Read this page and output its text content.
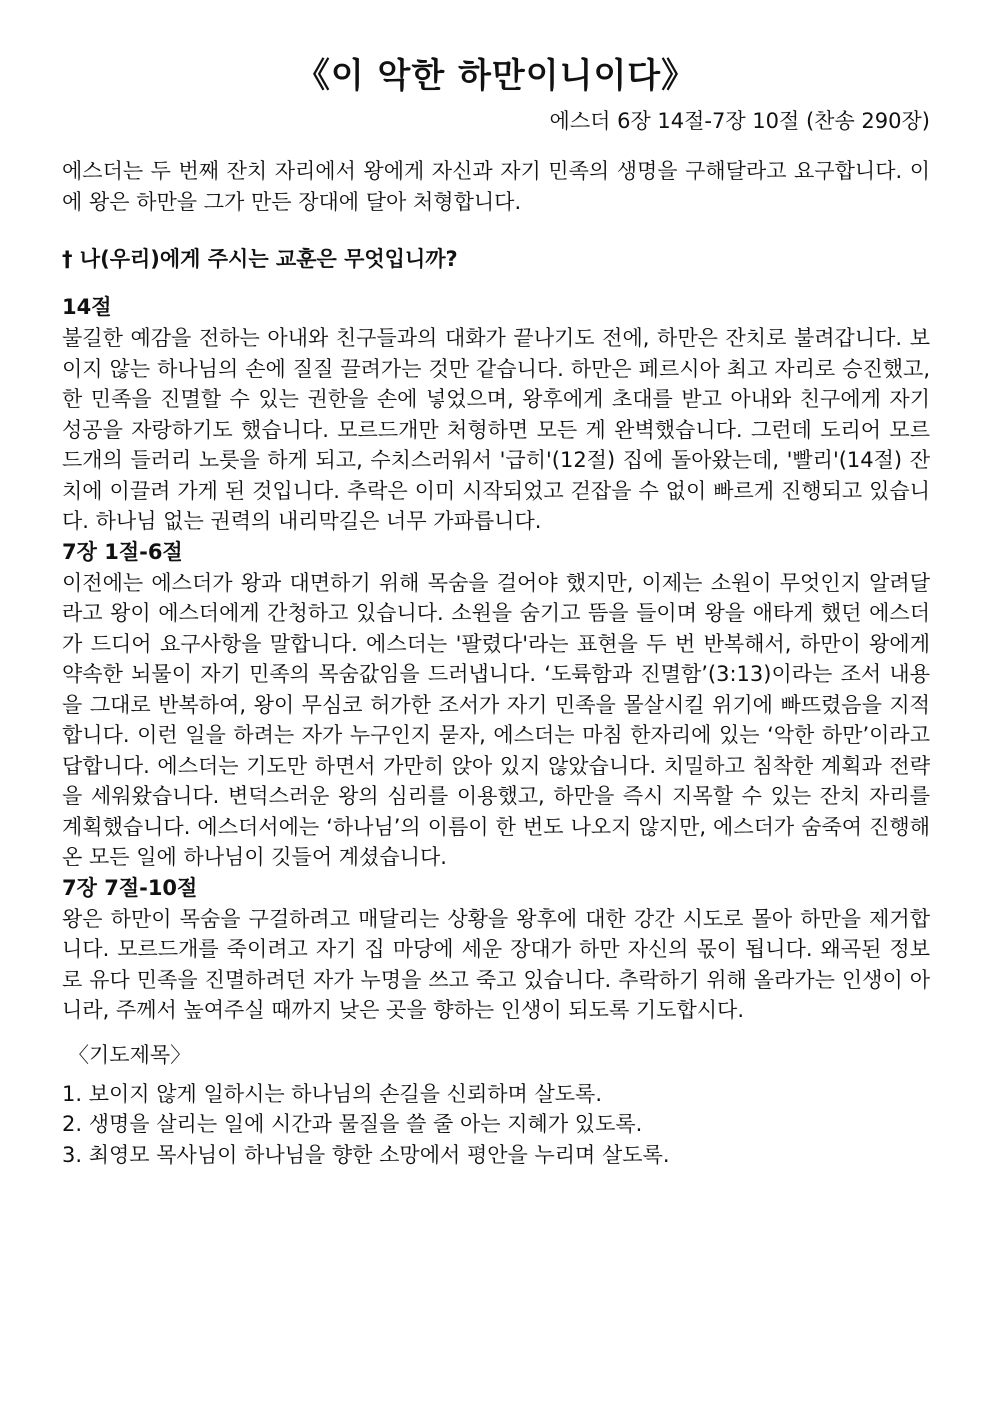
《이 악한 하만이니이다》
에스더 6장 14절-7장 10절 (찬송 290장)
에스더는 두 번째 잔치 자리에서 왕에게 자신과 자기 민족의 생명을 구해달라고 요구합니다. 이에 왕은 하만을 그가 만든 장대에 달아 처형합니다.
† 나(우리)에게 주시는 교훈은 무엇입니까?
14절
불길한 예감을 전하는 아내와 친구들과의 대화가 끝나기도 전에, 하만은 잔치로 불려갑니다. 보이지 않는 하나님의 손에 질질 끌려가는 것만 같습니다. 하만은 페르시아 최고 자리로 승진했고, 한 민족을 진멸할 수 있는 권한을 손에 넣었으며, 왕후에게 초대를 받고 아내와 친구에게 자기 성공을 자랑하기도 했습니다. 모르드개만 처형하면 모든 게 완벽했습니다. 그런데 도리어 모르드개의 들러리 노릇을 하게 되고, 수치스러워서 '급히'(12절) 집에 돌아왔는데, '빨리'(14절) 잔치에 이끌려 가게 된 것입니다. 추락은 이미 시작되었고 걷잡을 수 없이 빠르게 진행되고 있습니다. 하나님 없는 권력의 내리막길은 너무 가파릅니다.
7장 1절-6절
이전에는 에스더가 왕과 대면하기 위해 목숨을 걸어야 했지만, 이제는 소원이 무엇인지 알려달라고 왕이 에스더에게 간청하고 있습니다. 소원을 숨기고 뜸을 들이며 왕을 애타게 했던 에스더가 드디어 요구사항을 말합니다. 에스더는 '팔렸다'라는 표현을 두 번 반복해서, 하만이 왕에게 약속한 뇌물이 자기 민족의 목숨값임을 드러냅니다. ‘도륙함과 진멸함’(3:13)이라는 조서 내용을 그대로 반복하여, 왕이 무심코 허가한 조서가 자기 민족을 몰살시킬 위기에 빠뜨렸음을 지적합니다. 이런 일을 하려는 자가 누구인지 묻자, 에스더는 마침 한자리에 있는 ‘악한 하만’이라고 답합니다. 에스더는 기도만 하면서 가만히 앉아 있지 않았습니다. 치밀하고 침착한 계획과 전략을 세워왔습니다. 변덕스러운 왕의 심리를 이용했고, 하만을 즉시 지목할 수 있는 잔치 자리를 계획했습니다. 에스더서에는 ‘하나님’의 이름이 한 번도 나오지 않지만, 에스더가 숨죽여 진행해 온 모든 일에 하나님이 깃들어 계셨습니다.
7장 7절-10절
왕은 하만이 목숨을 구걸하려고 매달리는 상황을 왕후에 대한 강간 시도로 몰아 하만을 제거합니다. 모르드개를 죽이려고 자기 집 마당에 세운 장대가 하만 자신의 몫이 됩니다. 왜곡된 정보로 유다 민족을 진멸하려던 자가 누명을 쓰고 죽고 있습니다. 추락하기 위해 올라가는 인생이 아니라, 주께서 높여주실 때까지 낮은 곳을 향하는 인생이 되도록 기도합시다.
〈기도제목〉
1. 보이지 않게 일하시는 하나님의 손길을 신뢰하며 살도록.
2. 생명을 살리는 일에 시간과 물질을 쓸 줄 아는 지혜가 있도록.
3. 최영모 목사님이 하나님을 향한 소망에서 평안을 누리며 살도록.
